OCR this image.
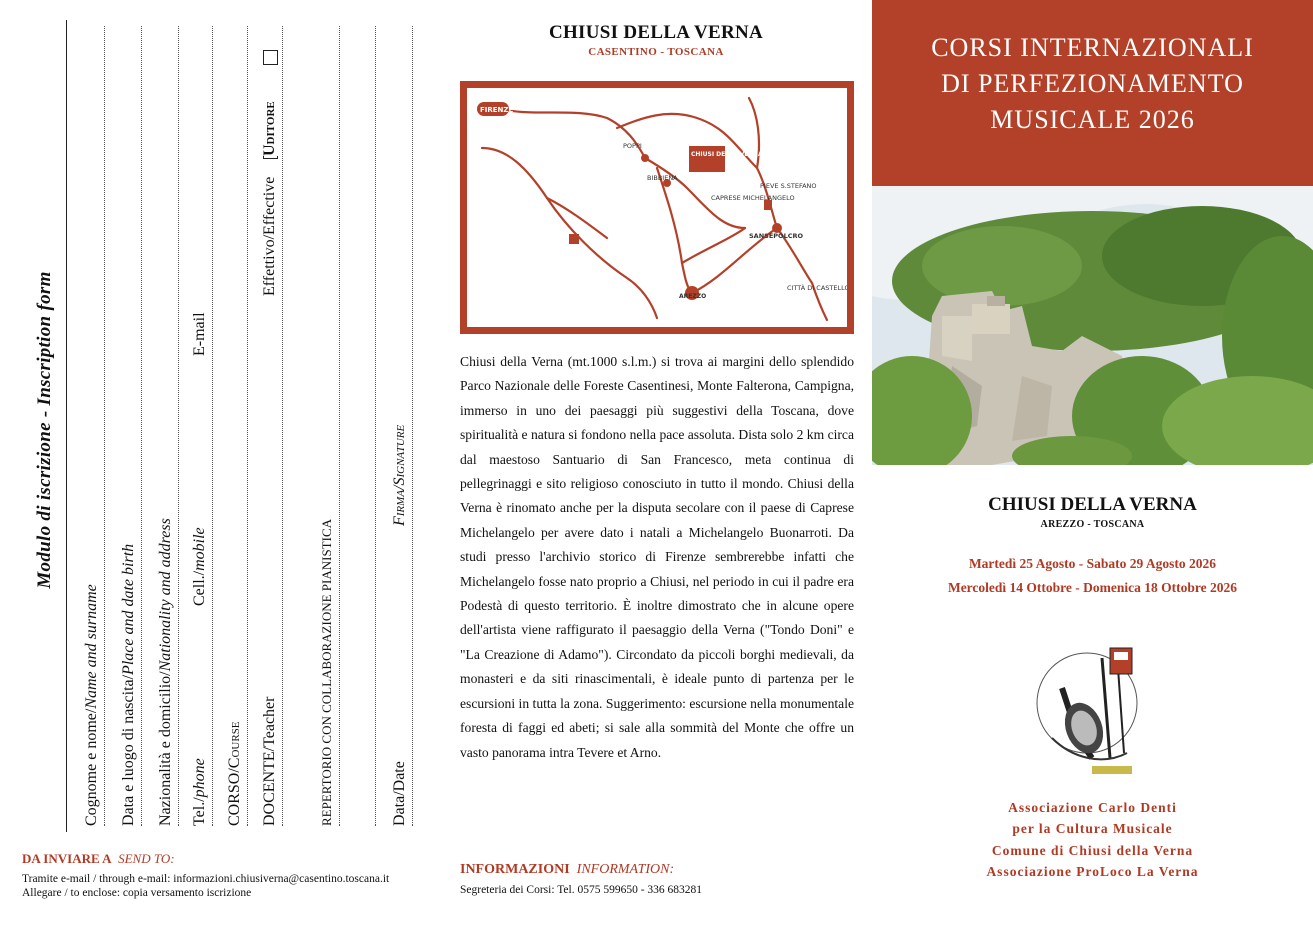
Modulo di iscrizione - Inscription form
Cognome e nome/Name and surname
Data e luogo di nascita/Place and date birth
Nazionalità e domicilio/Nationality and address
Tel./phone
Cell./mobile
E-mail
CORSO/Course	DOCENTE/Teacher
Effettivo/Effective
Uditore
REPERTORIO CON COLLABORAZIONE PIANISTICA	Data/Date
Firma/Signature
DA INVIARE A SEND TO:
Tramite e-mail / through e-mail: informazioni.chiusiverna@casentino.toscana.it
Allegare / to enclose: copia versamento iscrizione
CHIUSI DELLA VERNA
CASENTINO - TOSCANA
FIRENZE
CHIUSI DELLA VERNA
PIEVE S.STEFANO
SANSEPOLCRO
CITTÀ DI CASTELLO
AREZZO
BIBBIENA
POPPI
CAPRESE MICHELANGELO
Chiusi della Verna (mt.1000 s.l.m.) si trova ai margini dello splendido Parco Nazionale delle Foreste Casentinesi, Monte Falterona, Campigna, immerso in uno dei paesaggi più suggestivi della Toscana, dove spiritualità e natura si fondono nella pace assoluta. Dista solo 2 km circa dal maestoso Santuario di San Francesco, meta continua di pellegrinaggi e sito religioso conosciuto in tutto il mondo. Chiusi della Verna è rinomato anche per la disputa secolare con il paese di Caprese Michelangelo per avere dato i natali a Michelangelo Buonarroti. Da studi presso l'archivio storico di Firenze sembrerebbe infatti che Michelangelo fosse nato proprio a Chiusi, nel periodo in cui il padre era Podestà di questo territorio. È inoltre dimostrato che in alcune opere dell'artista viene raffigurato il paesaggio della Verna ("Tondo Doni" e "La Creazione di Adamo"). Circondato da piccoli borghi medievali, da monasteri e da siti rinascimentali, è ideale punto di partenza per le escursioni in tutta la zona. Suggerimento: escursione nella monumentale foresta di faggi ed abeti; si sale alla sommità del Monte che offre un vasto panorama intra Tevere et Arno.
INFORMAZIONI INFORMATION:
Segreteria dei Corsi: Tel. 0575 599650 - 336 683281
CORSI INTERNAZIONALI
DI PERFEZIONAMENTO
MUSICALE 2026
CHIUSI DELLA VERNA
AREZZO - TOSCANA
Martedì 25 Agosto - Sabato 29 Agosto 2026
Mercoledì 14 Ottobre - Domenica 18 Ottobre 2026
Associazione Carlo Denti
per la Cultura Musicale
Comune di Chiusi della Verna
Associazione ProLoco La Verna
